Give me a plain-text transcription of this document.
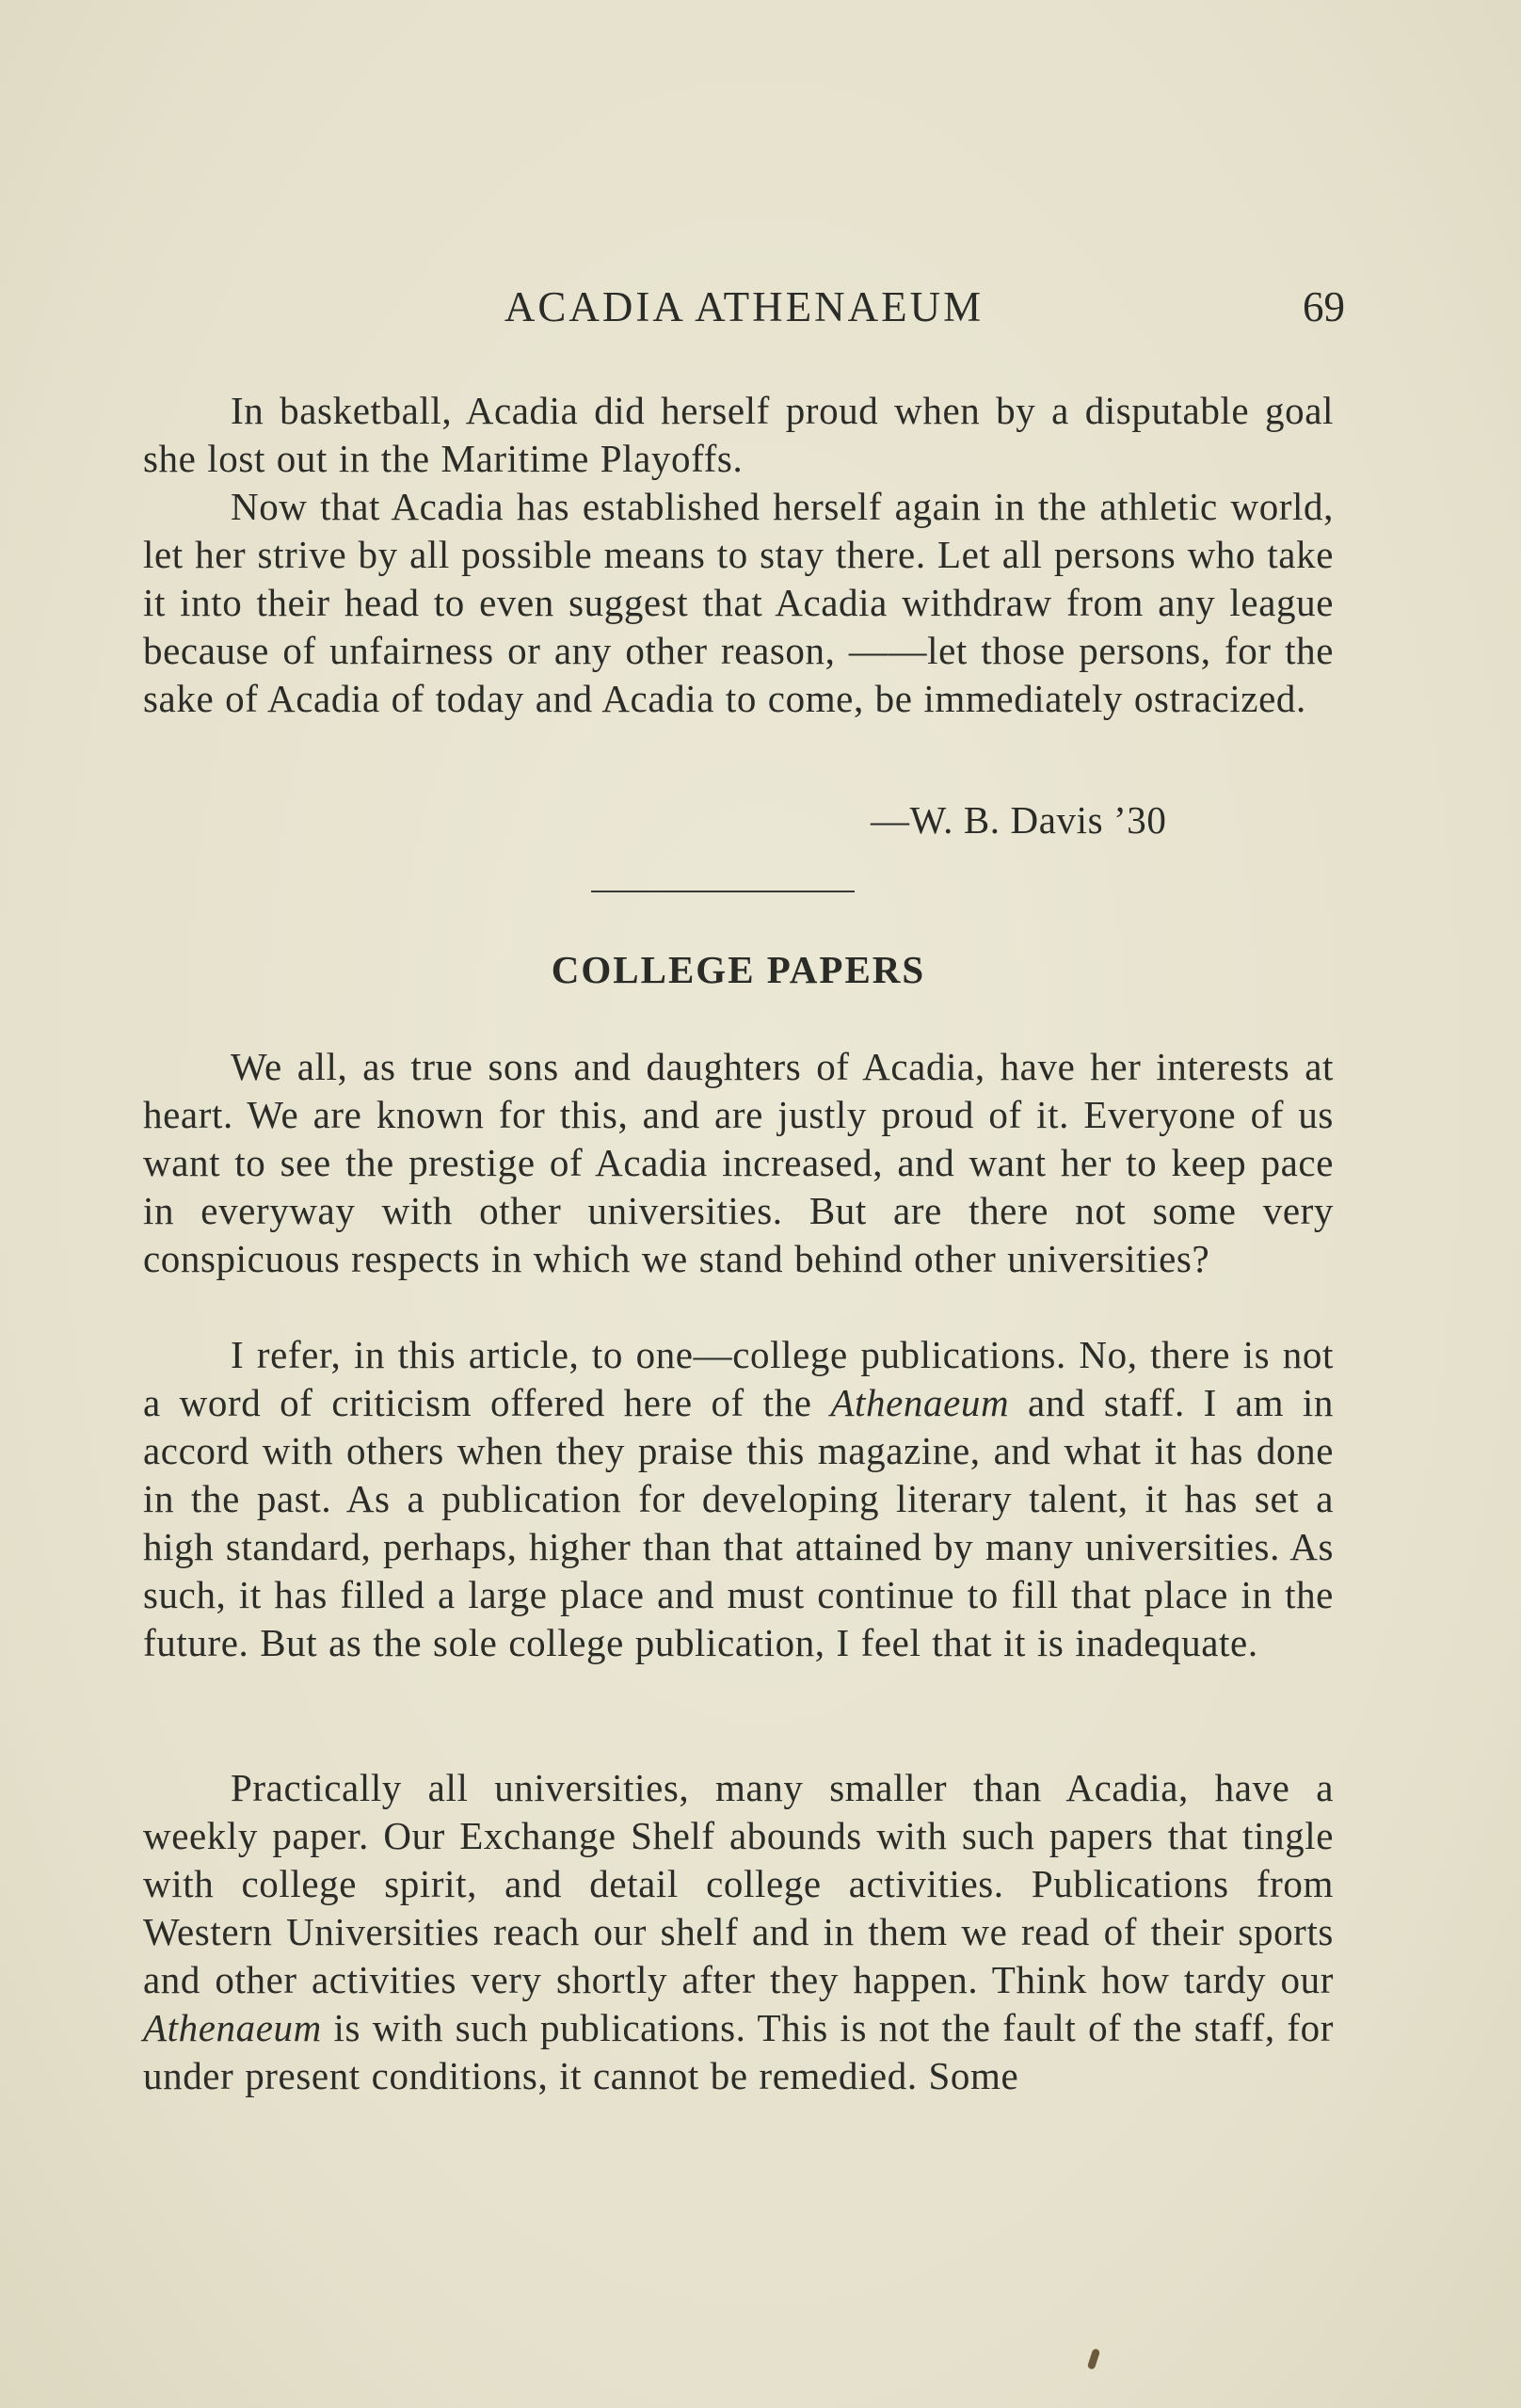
ACADIA ATHENAEUM	69

In basketball, Acadia did herself proud when by a disputable goal she lost out in the Maritime Playoffs.

Now that Acadia has established herself again in the athletic world, let her strive by all possible means to stay there. Let all persons who take it into their head to even suggest that Acadia withdraw from any league because of unfairness or any other reason, ——let those persons, for the sake of Acadia of today and Acadia to come, be immediately ostracized.

—W. B. Davis ’30
COLLEGE PAPERS

We all, as true sons and daughters of Acadia, have her interests at heart. We are known for this, and are justly proud of it. Everyone of us want to see the prestige of Acadia increased, and want her to keep pace in everyway with other universities. But are there not some very conspicuous respects in which we stand behind other universities?

I refer, in this article, to one—college publications. No, there is not a word of criticism offered here of the Athenaeum and staff. I am in accord with others when they praise this magazine, and what it has done in the past. As a publication for developing literary talent, it has set a high standard, perhaps, higher than that attained by many universities. As such, it has filled a large place and must continue to fill that place in the future. But as the sole college publication, I feel that it is inadequate.

Practically all universities, many smaller than Acadia, have a weekly paper. Our Exchange Shelf abounds with such papers that tingle with college spirit, and detail college activities. Publications from Western Universities reach our shelf and in them we read of their sports and other activities very shortly after they happen. Think how tardy our Athenaeum is with such publications. This is not the fault of the staff, for under present conditions, it cannot be remedied. Some
